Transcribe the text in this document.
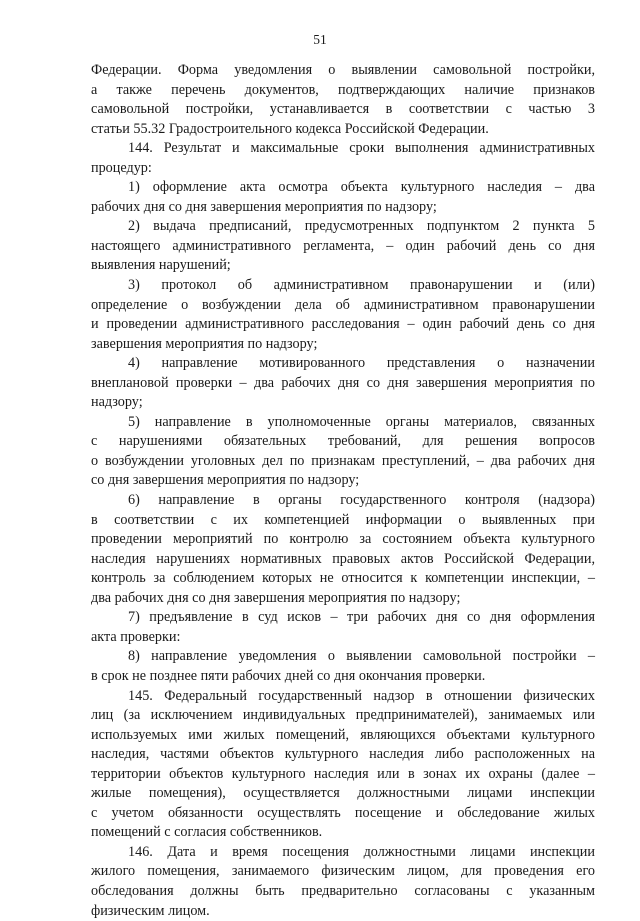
51
Федерации. Форма уведомления о выявлении самовольной постройки,
а также перечень документов, подтверждающих наличие признаков
самовольной постройки, устанавливается в соответствии с частью 3
статьи 55.32 Градостроительного кодекса Российской Федерации.
144. Результат и максимальные сроки выполнения административных
процедур:
1) оформление акта осмотра объекта культурного наследия – два
рабочих дня со дня завершения мероприятия по надзору;
2) выдача предписаний, предусмотренных подпунктом 2 пункта 5
настоящего административного регламента, – один рабочий день со дня
выявления нарушений;
3) протокол об административном правонарушении и (или)
определение о возбуждении дела об административном правонарушении
и проведении административного расследования – один рабочий день со дня
завершения мероприятия по надзору;
4) направление мотивированного представления о назначении
внеплановой проверки – два рабочих дня со дня завершения мероприятия по
надзору;
5) направление в уполномоченные органы материалов, связанных
с нарушениями обязательных требований, для решения вопросов
о возбуждении уголовных дел по признакам преступлений, – два рабочих дня
со дня завершения мероприятия по надзору;
6) направление в органы государственного контроля (надзора)
в соответствии с их компетенцией информации о выявленных при
проведении мероприятий по контролю за состоянием объекта культурного
наследия нарушениях нормативных правовых актов Российской Федерации,
контроль за соблюдением которых не относится к компетенции инспекции, –
два рабочих дня со дня завершения мероприятия по надзору;
7) предъявление в суд исков – три рабочих дня со дня оформления
акта проверки:
8) направление уведомления о выявлении самовольной постройки –
в срок не позднее пяти рабочих дней со дня окончания проверки.
145. Федеральный государственный надзор в отношении физических
лиц (за исключением индивидуальных предпринимателей), занимаемых или
используемых ими жилых помещений, являющихся объектами культурного
наследия, частями объектов культурного наследия либо расположенных на
территории объектов культурного наследия или в зонах их охраны (далее –
жилые помещения), осуществляется должностными лицами инспекции
с учетом обязанности осуществлять посещение и обследование жилых
помещений с согласия собственников.
146. Дата и время посещения должностными лицами инспекции
жилого помещения, занимаемого физическим лицом, для проведения его
обследования должны быть предварительно согласованы с указанным
физическим лицом.
